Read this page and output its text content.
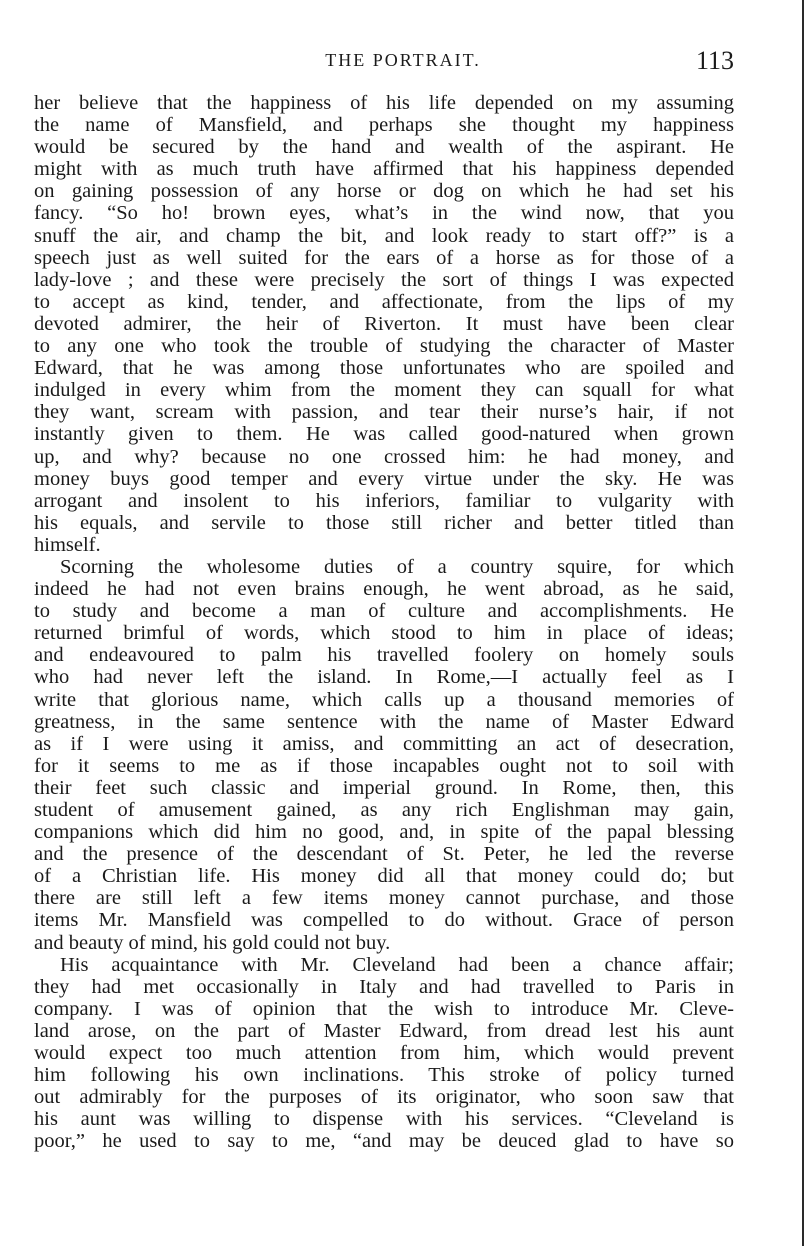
THE PORTRAIT.	113
her believe that the happiness of his life depended on my assuming
the name of Mansfield, and perhaps she thought my happiness
would be secured by the hand and wealth of the aspirant. He
might with as much truth have affirmed that his happiness depended
on gaining possession of any horse or dog on which he had set his
fancy. “So ho! brown eyes, what’s in the wind now, that you
snuff the air, and champ the bit, and look ready to start off?” is a
speech just as well suited for the ears of a horse as for those of a
lady-love ; and these were precisely the sort of things I was expected
to accept as kind, tender, and affectionate, from the lips of my
devoted admirer, the heir of Riverton. It must have been clear
to any one who took the trouble of studying the character of Master
Edward, that he was among those unfortunates who are spoiled and
indulged in every whim from the moment they can squall for what
they want, scream with passion, and tear their nurse’s hair, if not
instantly given to them. He was called good-natured when grown
up, and why? because no one crossed him: he had money, and
money buys good temper and every virtue under the sky. He was
arrogant and insolent to his inferiors, familiar to vulgarity with
his equals, and servile to those still richer and better titled than
himself.
Scorning the wholesome duties of a country squire, for which
indeed he had not even brains enough, he went abroad, as he said,
to study and become a man of culture and accomplishments. He
returned brimful of words, which stood to him in place of ideas;
and endeavoured to palm his travelled foolery on homely souls
who had never left the island. In Rome,—I actually feel as I
write that glorious name, which calls up a thousand memories of
greatness, in the same sentence with the name of Master Edward
as if I were using it amiss, and committing an act of desecration,
for it seems to me as if those incapables ought not to soil with
their feet such classic and imperial ground. In Rome, then, this
student of amusement gained, as any rich Englishman may gain,
companions which did him no good, and, in spite of the papal blessing
and the presence of the descendant of St. Peter, he led the reverse
of a Christian life. His money did all that money could do; but
there are still left a few items money cannot purchase, and those
items Mr. Mansfield was compelled to do without. Grace of person
and beauty of mind, his gold could not buy.
His acquaintance with Mr. Cleveland had been a chance affair;
they had met occasionally in Italy and had travelled to Paris in
company. I was of opinion that the wish to introduce Mr. Cleve-
land arose, on the part of Master Edward, from dread lest his aunt
would expect too much attention from him, which would prevent
him following his own inclinations. This stroke of policy turned
out admirably for the purposes of its originator, who soon saw that
his aunt was willing to dispense with his services. “Cleveland is
poor,” he used to say to me, “and may be deuced glad to have so
